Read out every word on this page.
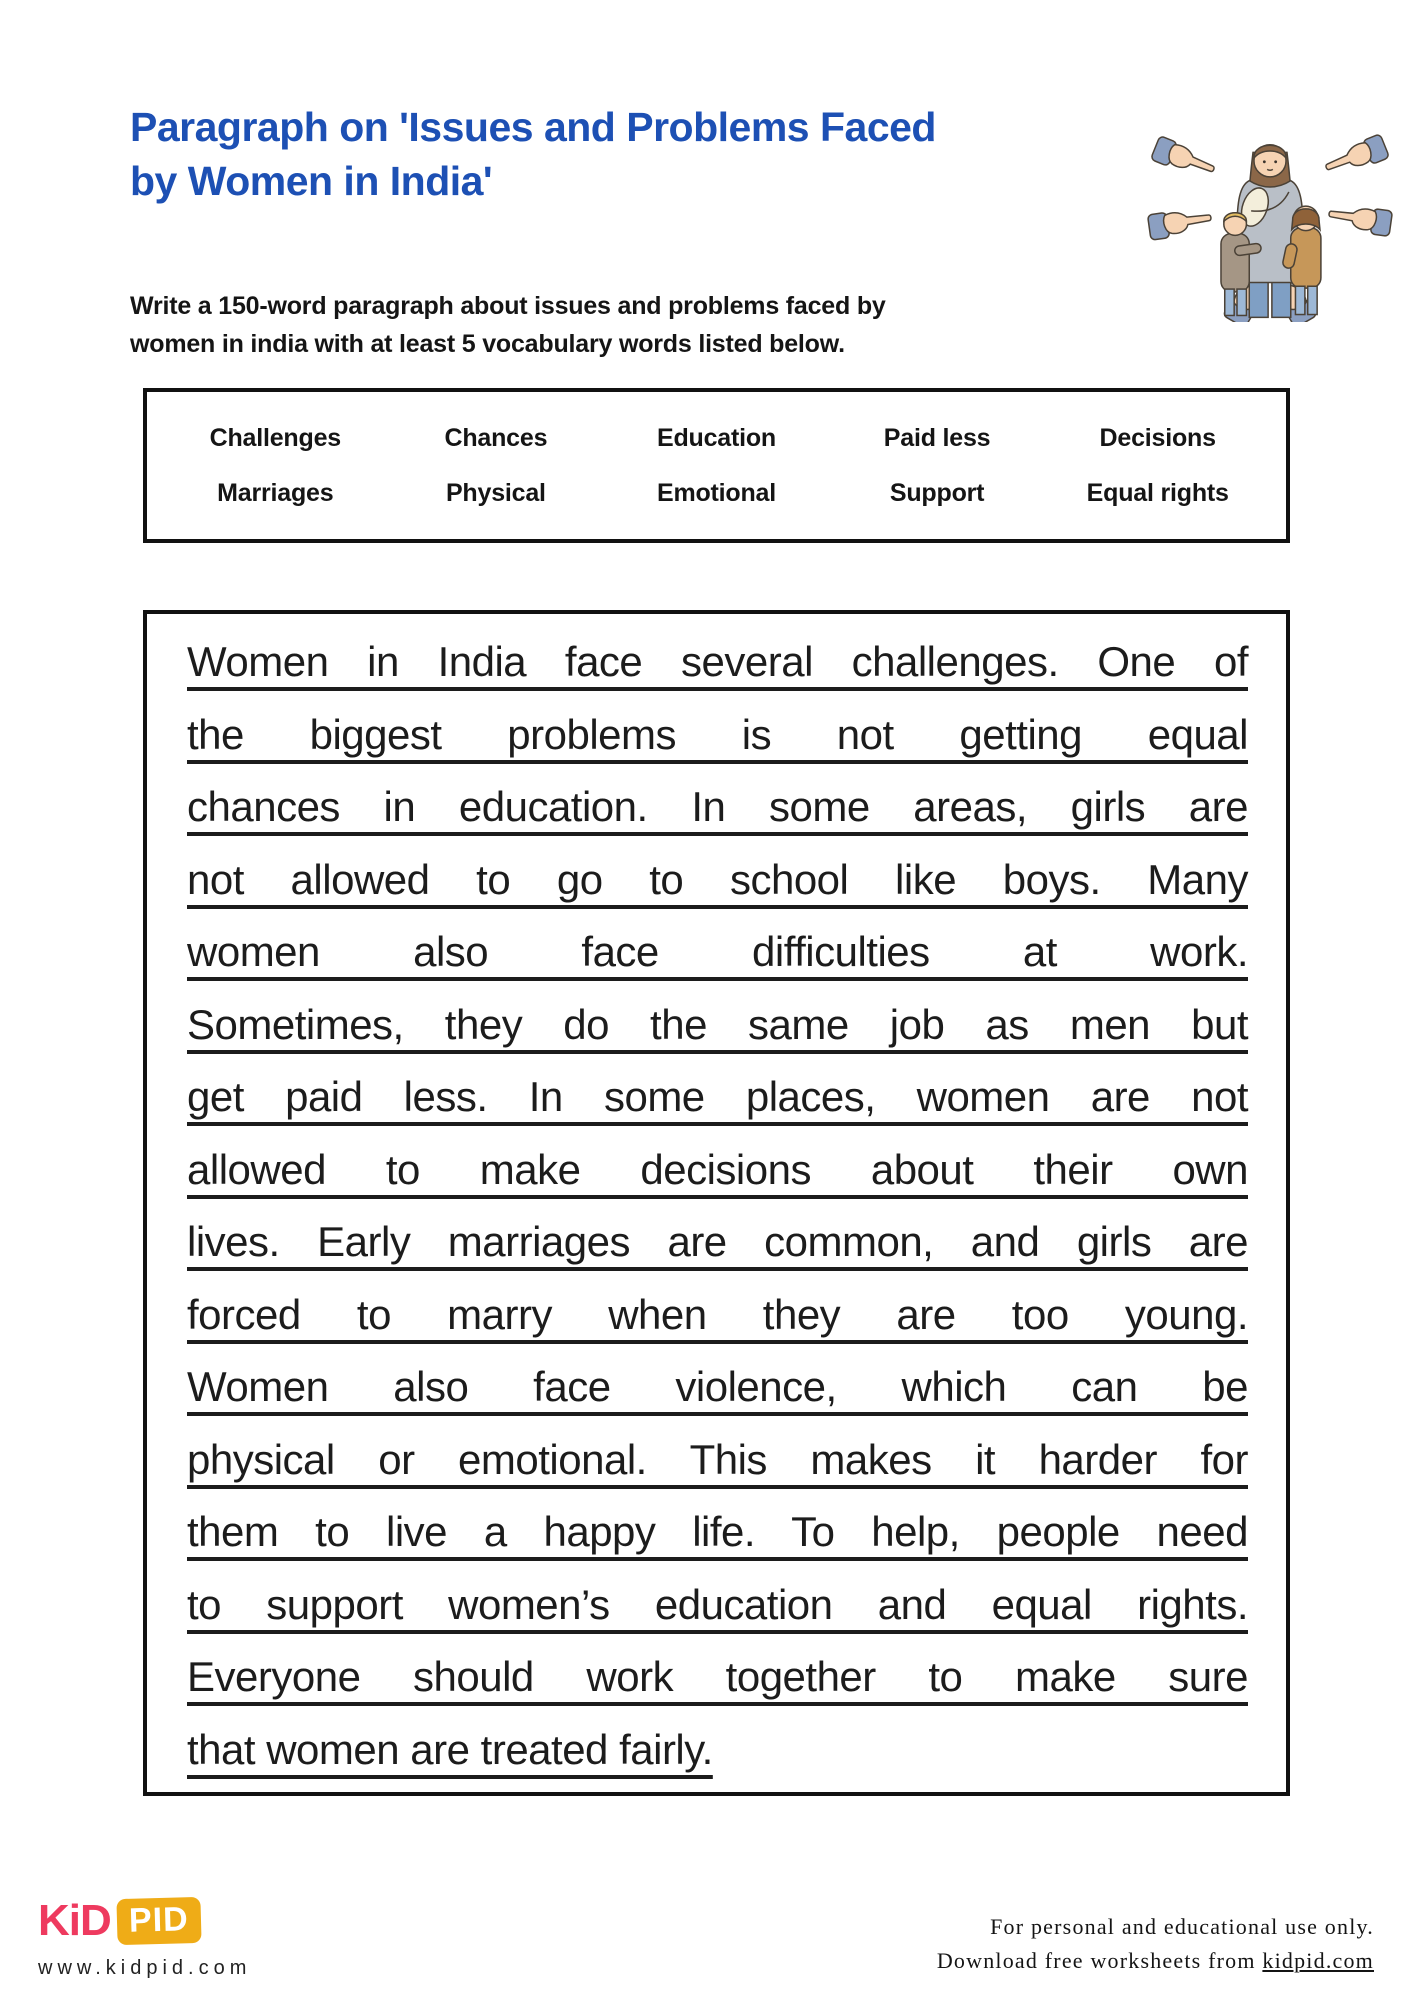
Paragraph on 'Issues and Problems Faced
by Women in India'

Write a 150-word paragraph about issues and problems faced by
women in india with at least 5 vocabulary words listed below.

Challenges	Chances	Education	Paid less	Decisions
Marriages	Physical	Emotional	Support	Equal rights
Women in India face several challenges. One of
the biggest problems is not getting equal
chances in education. In some areas, girls are
not allowed to go to school like boys. Many
women also face difficulties at work.
Sometimes, they do the same job as men but
get paid less. In some places, women are not
allowed to make decisions about their own
lives. Early marriages are common, and girls are
forced to marry when they are too young.
Women also face violence, which can be
physical or emotional. This makes it harder for
them to live a happy life. To help, people need
to support women’s education and equal rights.
Everyone should work together to make sure
that women are treated fairly.
KiD PID
www.kidpid.com
For personal and educational use only.
Download free worksheets from kidpid.com
